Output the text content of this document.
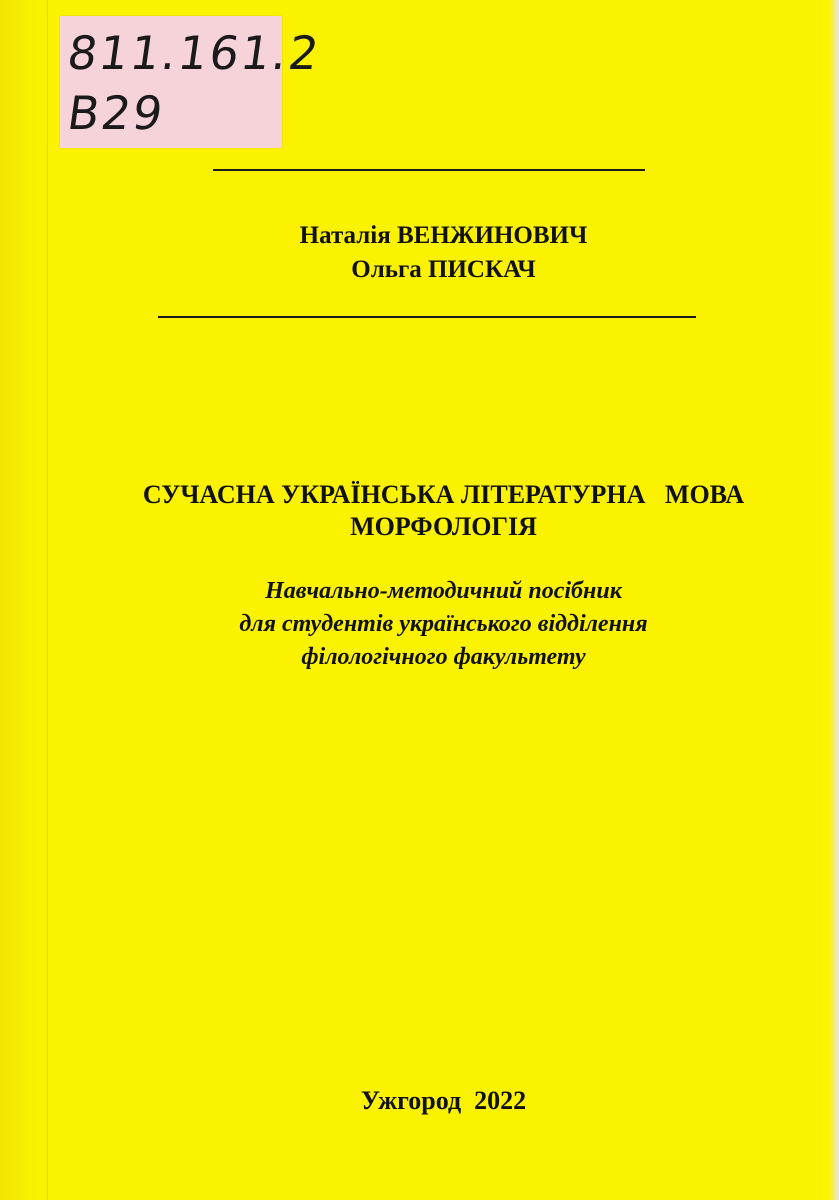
811.161.2
В29
Наталія ВЕНЖИНОВИЧ
Ольга ПИСКАЧ
СУЧАСНА УКРАЇНСЬКА ЛІТЕРАТУРНА   МОВА
МОРФОЛОГІЯ
Навчально-методичний посібник
для студентів українського відділення
філологічного факультету
Ужгород  2022
